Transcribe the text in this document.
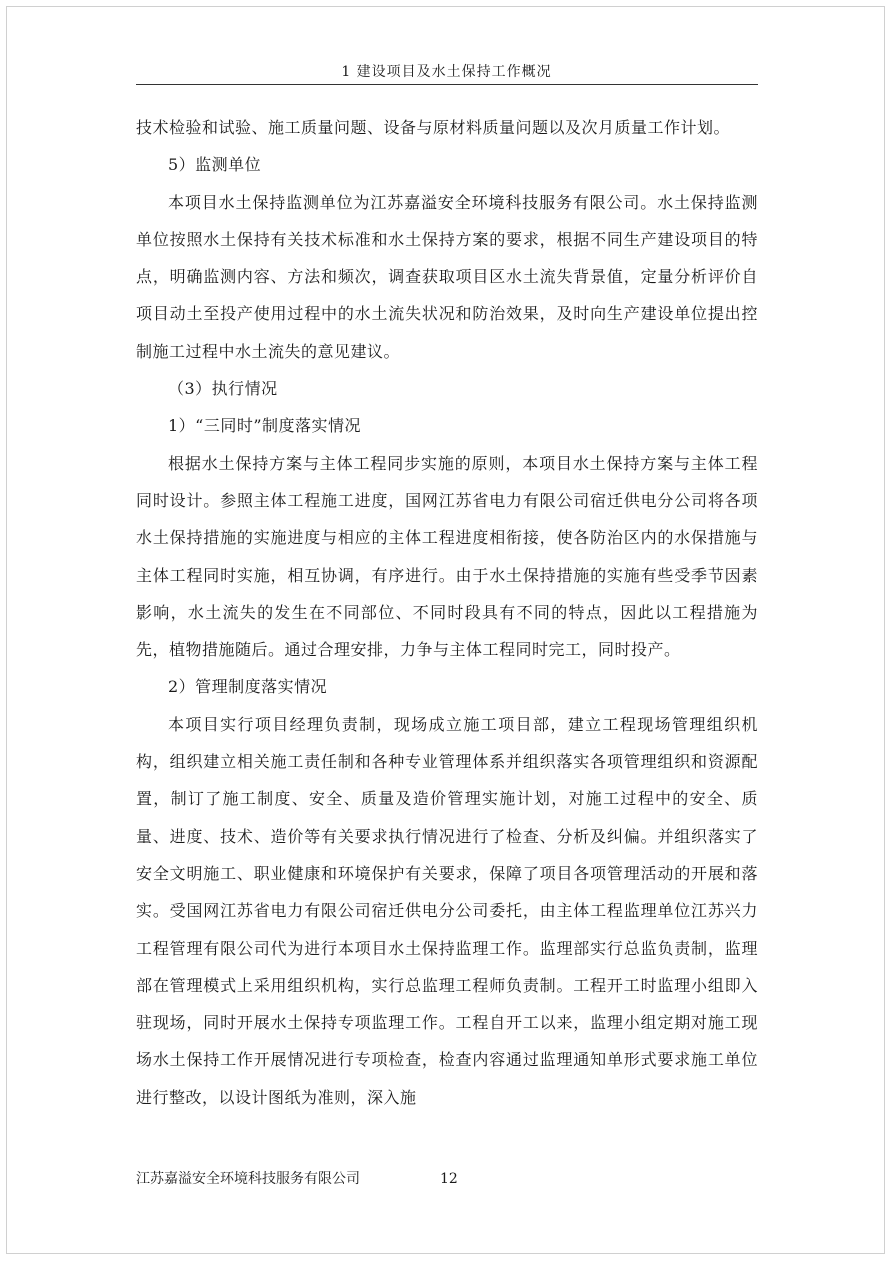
1 建设项目及水土保持工作概况

技术检验和试验、施工质量问题、设备与原材料质量问题以及次月质量工作计划。

5）监测单位

本项目水土保持监测单位为江苏嘉溢安全环境科技服务有限公司。水土保持监测单位按照水土保持有关技术标准和水土保持方案的要求，根据不同生产建设项目的特点，明确监测内容、方法和频次，调查获取项目区水土流失背景值，定量分析评价自项目动土至投产使用过程中的水土流失状况和防治效果，及时向生产建设单位提出控制施工过程中水土流失的意见建议。

（3）执行情况

1）“三同时”制度落实情况

根据水土保持方案与主体工程同步实施的原则，本项目水土保持方案与主体工程同时设计。参照主体工程施工进度，国网江苏省电力有限公司宿迁供电分公司将各项水土保持措施的实施进度与相应的主体工程进度相衔接，使各防治区内的水保措施与主体工程同时实施，相互协调，有序进行。由于水土保持措施的实施有些受季节因素影响，水土流失的发生在不同部位、不同时段具有不同的特点，因此以工程措施为先，植物措施随后。通过合理安排，力争与主体工程同时完工，同时投产。

2）管理制度落实情况

本项目实行项目经理负责制，现场成立施工项目部，建立工程现场管理组织机构，组织建立相关施工责任制和各种专业管理体系并组织落实各项管理组织和资源配置，制订了施工制度、安全、质量及造价管理实施计划，对施工过程中的安全、质量、进度、技术、造价等有关要求执行情况进行了检查、分析及纠偏。并组织落实了安全文明施工、职业健康和环境保护有关要求，保障了项目各项管理活动的开展和落实。受国网江苏省电力有限公司宿迁供电分公司委托，由主体工程监理单位江苏兴力工程管理有限公司代为进行本项目水土保持监理工作。监理部实行总监负责制，监理部在管理模式上采用组织机构，实行总监理工程师负责制。工程开工时监理小组即入驻现场，同时开展水土保持专项监理工作。工程自开工以来，监理小组定期对施工现场水土保持工作开展情况进行专项检查，检查内容通过监理通知单形式要求施工单位进行整改，以设计图纸为准则，深入施

江苏嘉溢安全环境科技服务有限公司	12
